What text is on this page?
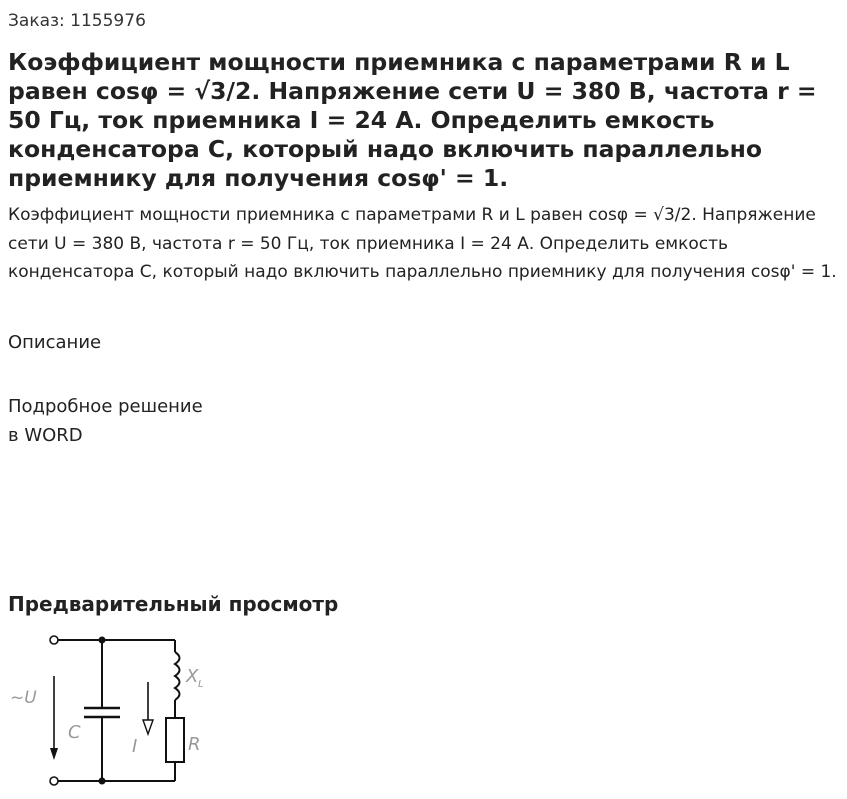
Заказ: 1155976
Коэффициент мощности приемника с параметрами R и L равен cosφ = √3/2. Напряжение сети U = 380 В, частота r = 50 Гц, ток приемника I = 24 А. Определить емкость конденсатора С, который надо включить параллельно приемнику для получения cosφ' = 1.

Коэффициент мощности приемника с параметрами R и L равен cosφ = √3/2. Напряжение сети U = 380 В, частота r = 50 Гц, ток приемника I = 24 А. Определить емкость конденсатора С, который надо включить параллельно приемнику для получения cosφ' = 1.

Описание
Подробное решение
в WORD
Предварительный просмотр
~U
C
I
X L
R
